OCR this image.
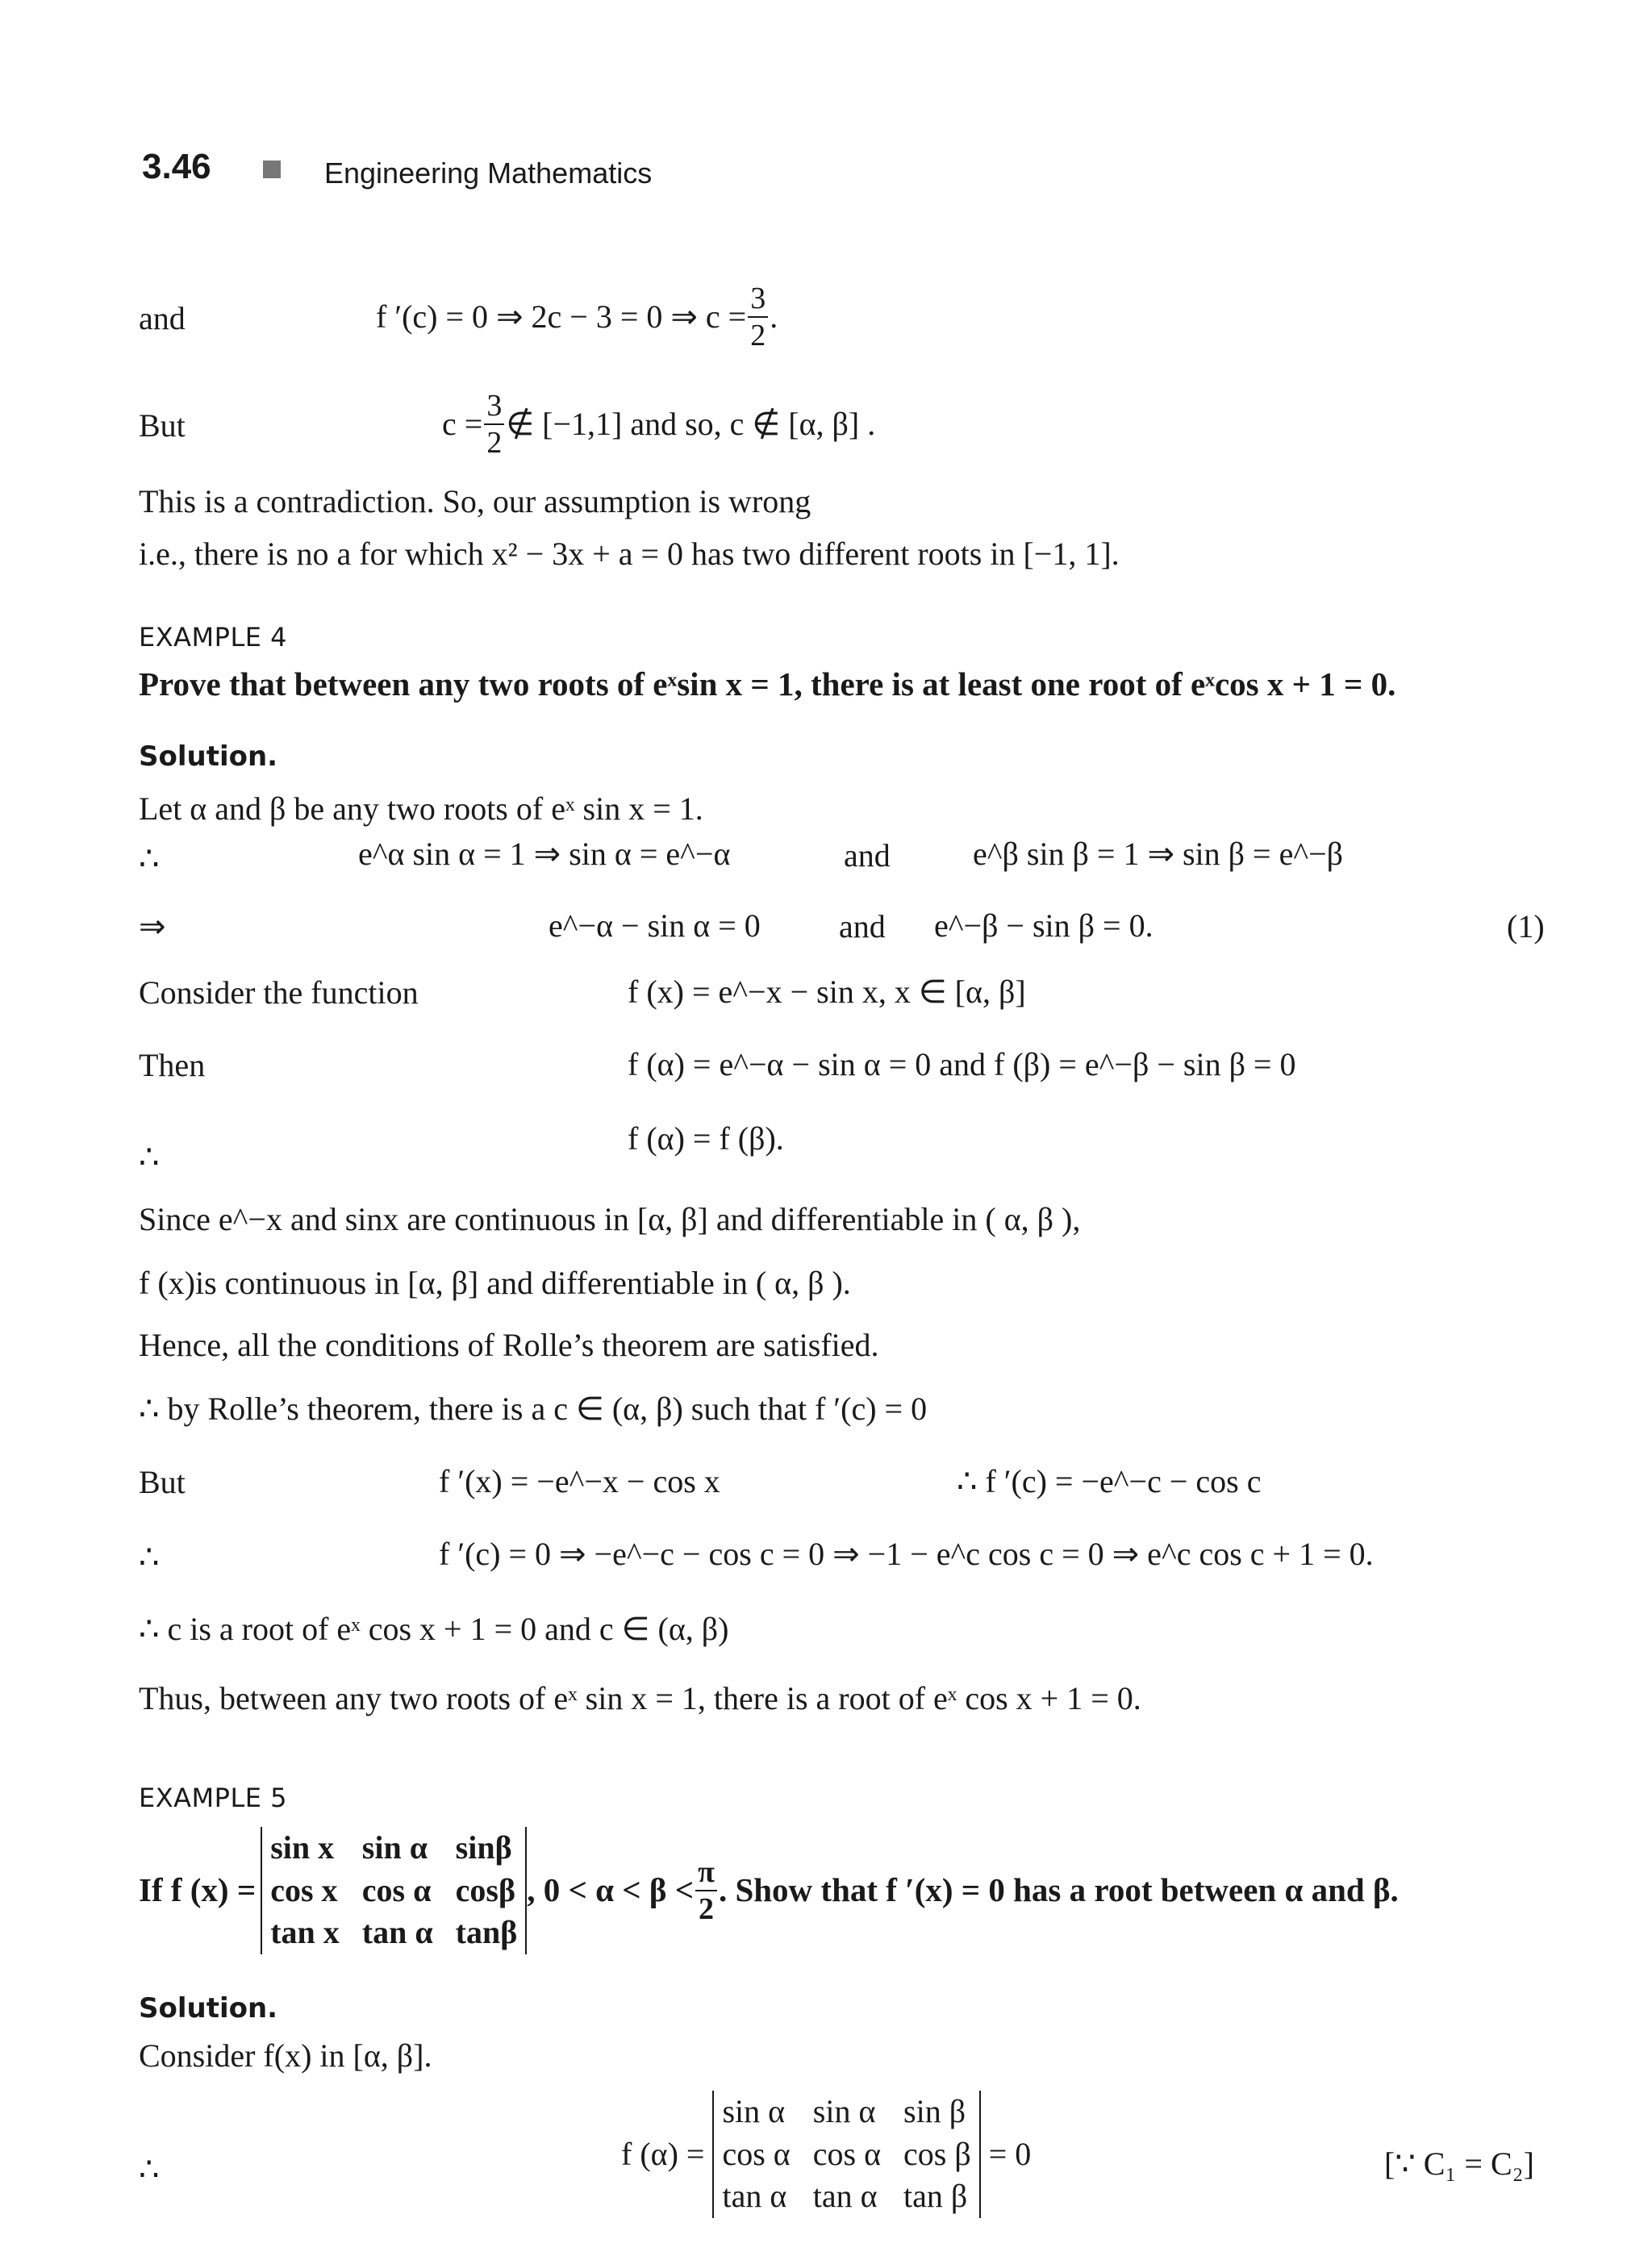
3.46	Engineering Mathematics
and	f ′(c) = 0 ⇒ 2c − 3 = 0 ⇒ $c = \frac{3}{2}$ .
But	$c = \frac{3}{2}$ ∉ [−1,1] and so, c ∉ [α, β] .
This is a contradiction. So, our assumption is wrong
i.e., there is no a for which x² − 3x + a = 0 has two different roots in [−1, 1].
EXAMPLE 4
Prove that between any two roots of eˣsin x = 1, there is at least one root of eˣcos x + 1 = 0.
Solution.
Let α and β be any two roots of eˣ sin x = 1.
∴	e^α sin α = 1 ⇒ sin α = e^−α	and	e^β sin β = 1 ⇒ sin β = e^−β
⇒	e^−α − sin α = 0 and e^−β − sin β = 0.	(1)
Consider the function	f (x) = e^−x − sin x, x ∈ [α, β]
Then	f (α) = e^−α − sin α = 0 and f (β) = e^−β − sin β = 0
∴
f (α) = f (β).
Since e^−x and sinx are continuous in [α, β] and differentiable in ( α, β ),
f (x)is continuous in [α, β] and differentiable in ( α, β ).
Hence, all the conditions of Rolle’s theorem are satisfied.
∴ by Rolle’s theorem, there is a c ∈ (α, β) such that f ′(c) = 0
But	f ′(x) = −e^−x − cos x	∴ f ′(c) = −e^−c − cos c
∴	f ′(c) = 0 ⇒ −e^−c − cos c = 0 ⇒ −1 − e^c cos c = 0 ⇒ e^c cos c + 1 = 0.
∴ c is a root of eˣ cos x + 1 = 0 and c ∈ (α, β)
Thus, between any two roots of eˣ sin x = 1, there is a root of eˣ cos x + 1 = 0.
EXAMPLE 5
If f (x) =
sin x	sin α	sinβ
cos x	cos α	cosβ
tan x	tan α	tanβ
, $0 < \alpha < \beta < \frac{\pi}{2}$ . Show that f ′(x) = 0 has a root between α and β.
Solution.
Consider f(x) in [α, β].
∴	f (α) =
sin α	sin α	sin β
cos α	cos α	cos β
tan α	tan α	tan β
= 0	[∵ C₁ = C₂]
